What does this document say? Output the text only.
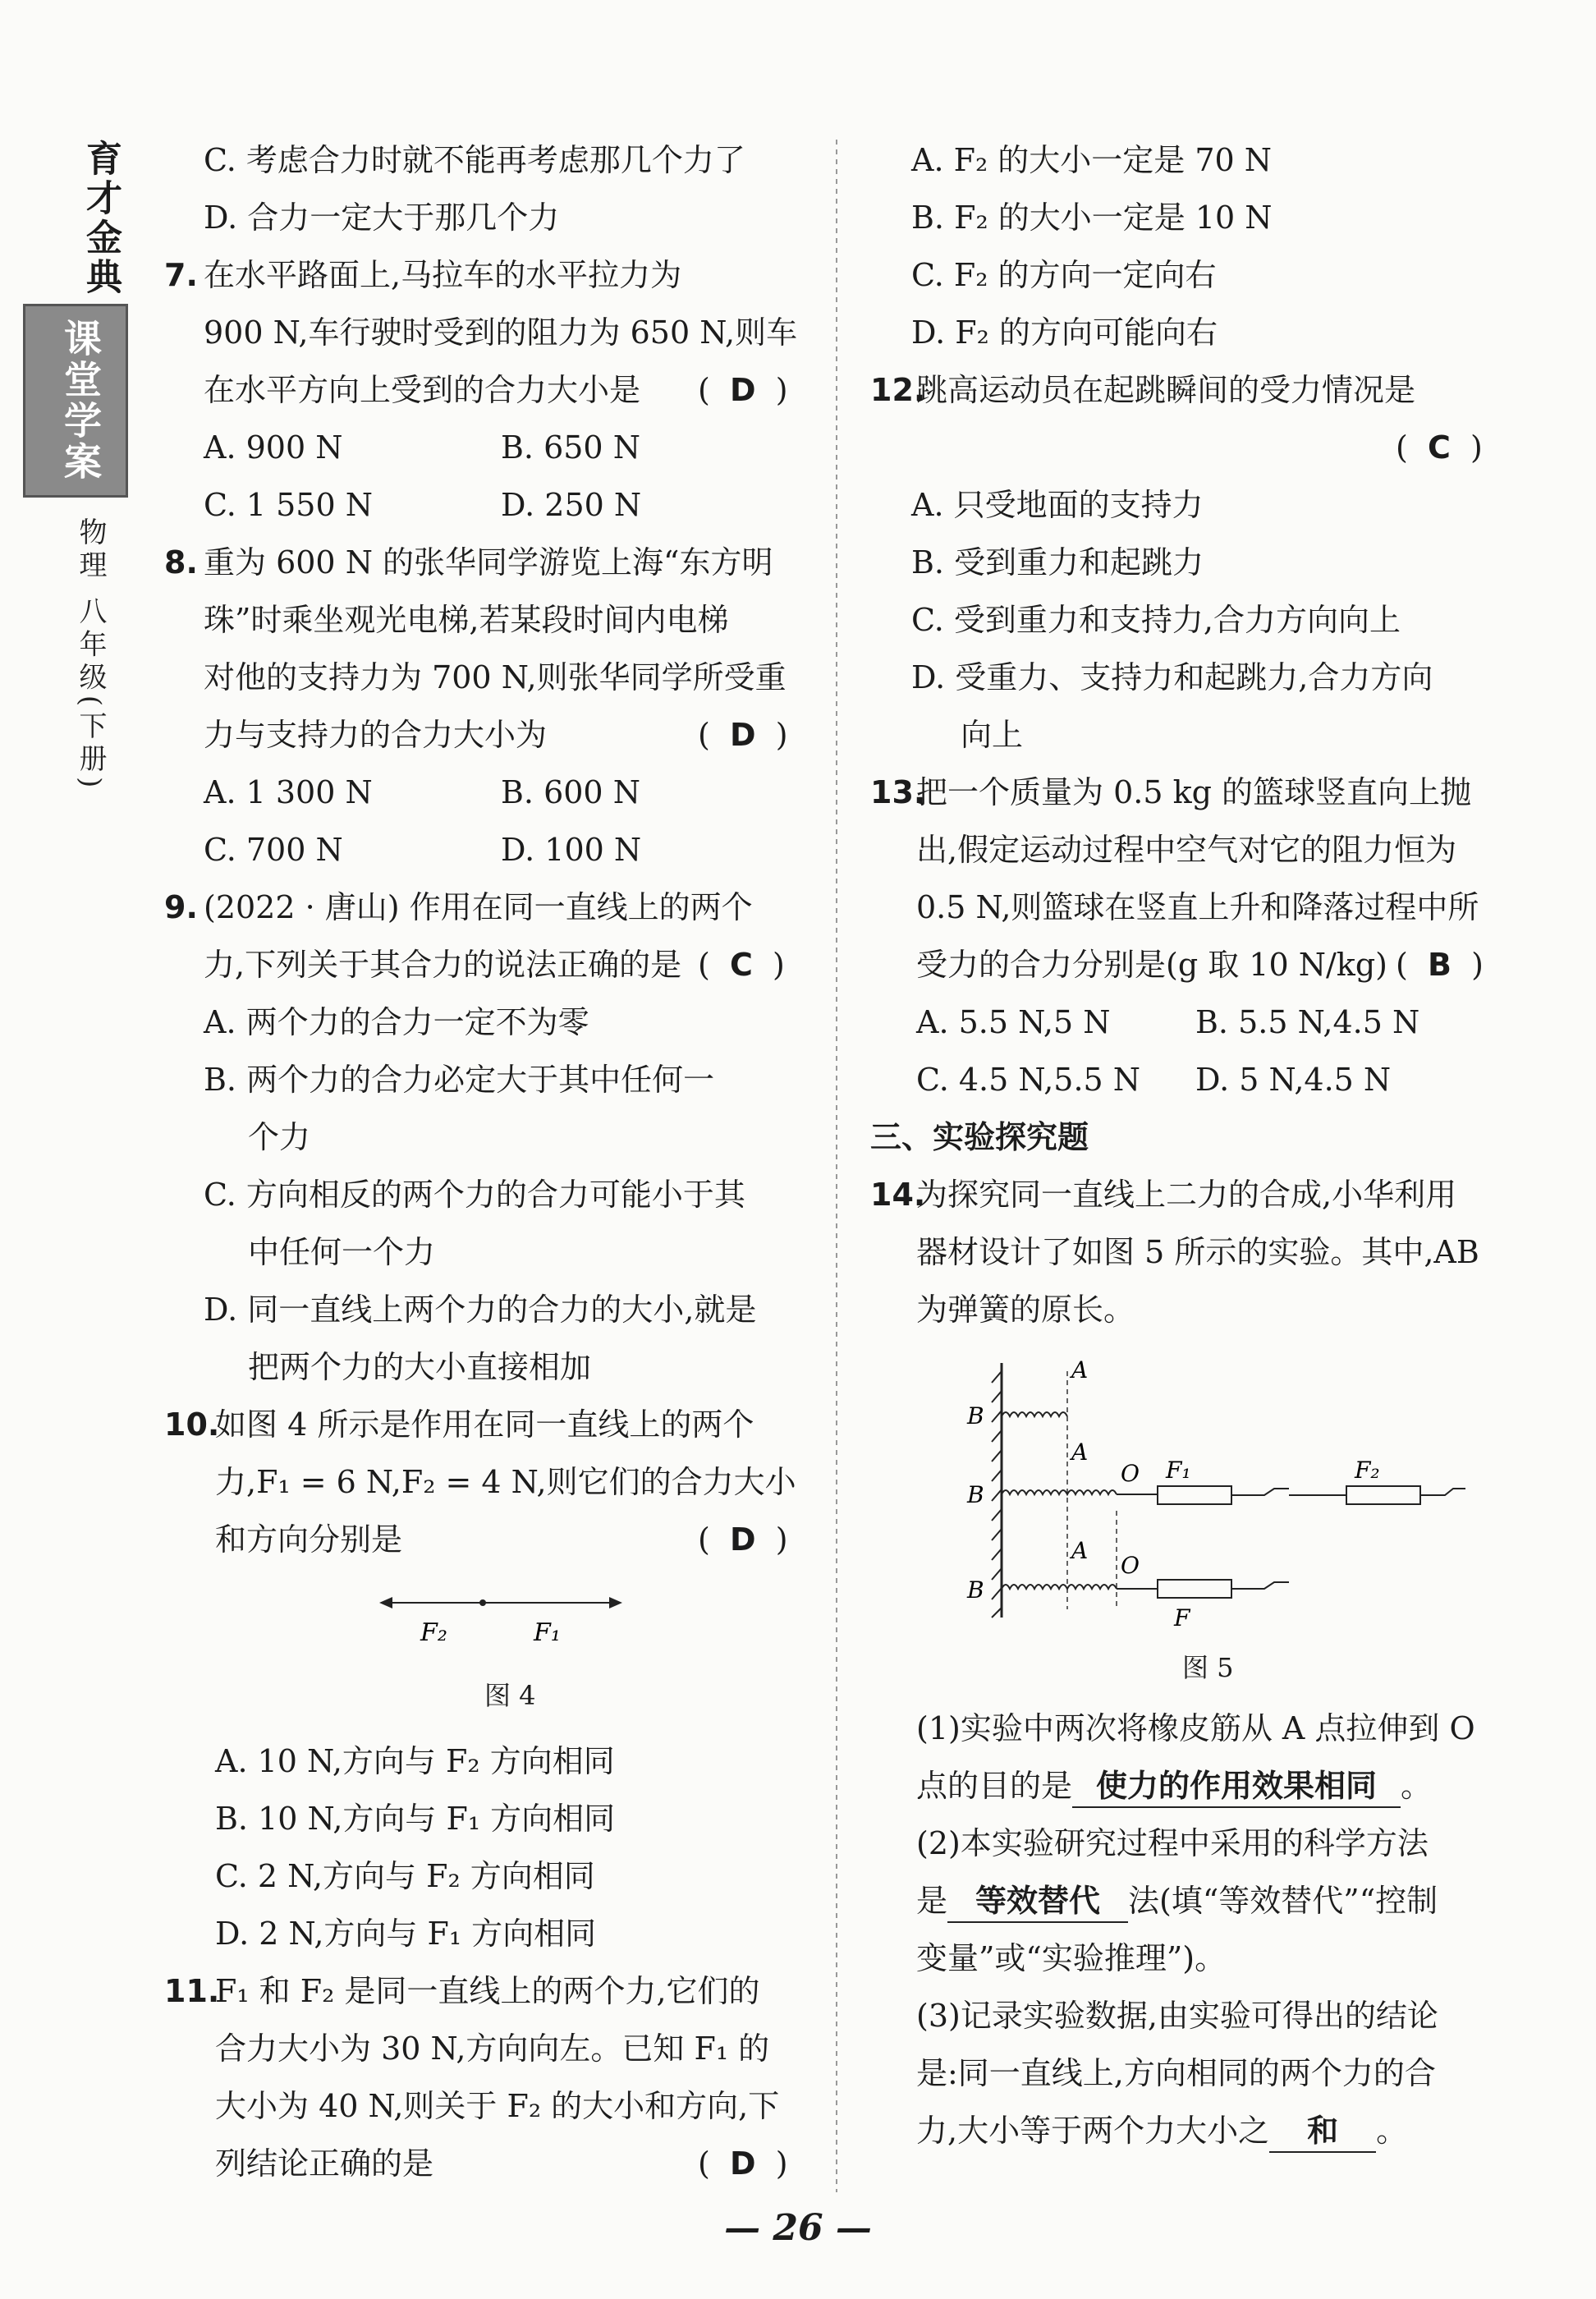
育才金典
课堂学案
物理 八年级(下册)
C. 考虑合力时就不能再考虑那几个力了
D. 合力一定大于那几个力
7. 在水平路面上,马拉车的水平拉力为
900 N,车行驶时受到的阻力为 650 N,则车
在水平方向上受到的合力大小是 (  D  )
A. 900 N	B. 650 N
C. 1 550 N	D. 250 N
8. 重为 600 N 的张华同学游览上海“东方明
珠”时乘坐观光电梯,若某段时间内电梯
对他的支持力为 700 N,则张华同学所受重
力与支持力的合力大小为	(  D  )
A. 1 300 N	B. 600 N
C. 700 N	D. 100 N
9. (2022 · 唐山) 作用在同一直线上的两个
力,下列关于其合力的说法正确的是 (  C  )
A. 两个力的合力一定不为零
B. 两个力的合力必定大于其中任何一
个力
C. 方向相反的两个力的合力可能小于其
中任何一个力
D. 同一直线上两个力的合力的大小,就是
把两个力的大小直接相加
10.
如图 4 所示是作用在同一直线上的两个
力,F₁ = 6 N,F₂ = 4 N,则它们的合力大小
和方向分别是	(  D  )
F₂	F₁
图 4
A. 10 N,方向与 F₂ 方向相同
B. 10 N,方向与 F₁ 方向相同
C. 2 N,方向与 F₂ 方向相同
D. 2 N,方向与 F₁ 方向相同
11.
F₁ 和 F₂ 是同一直线上的两个力,它们的
合力大小为 30 N,方向向左。已知 F₁ 的
大小为 40 N,则关于 F₂ 的大小和方向,下
列结论正确的是	(  D  )
A. F₂ 的大小一定是 70 N
B. F₂ 的大小一定是 10 N
C. F₂ 的方向一定向右
D. F₂ 的方向可能向右
12.
跳高运动员在起跳瞬间的受力情况是
(  C  )
A. 只受地面的支持力
B. 受到重力和起跳力
C. 受到重力和支持力,合力方向向上
D. 受重力、支持力和起跳力,合力方向
向上
13.
把一个质量为 0.5 kg 的篮球竖直向上抛
出,假定运动过程中空气对它的阻力恒为
0.5 N,则篮球在竖直上升和降落过程中所
受力的合力分别是(g 取 10 N/kg) (  B  )
A. 5.5 N,5 N	B. 5.5 N,4.5 N
C. 4.5 N,5.5 N D. 5 N,4.5 N
三、实验探究题
14.
为探究同一直线上二力的合成,小华利用
器材设计了如图 5 所示的实验。其中,AB
为弹簧的原长。
A
B
A
B
O F₁	F₂
A
O
B
F
图 5
(1)实验中两次将橡皮筋从 A 点拉伸到 O
点的目的是 使力的作用效果相同 。
(2)本实验研究过程中采用的科学方法
是 等效替代 法(填“等效替代”“控制
变量”或“实验推理”)。
(3)记录实验数据,由实验可得出的结论
是:同一直线上,方向相同的两个力的合
力,大小等于两个力大小之 和 。
— 26 —
